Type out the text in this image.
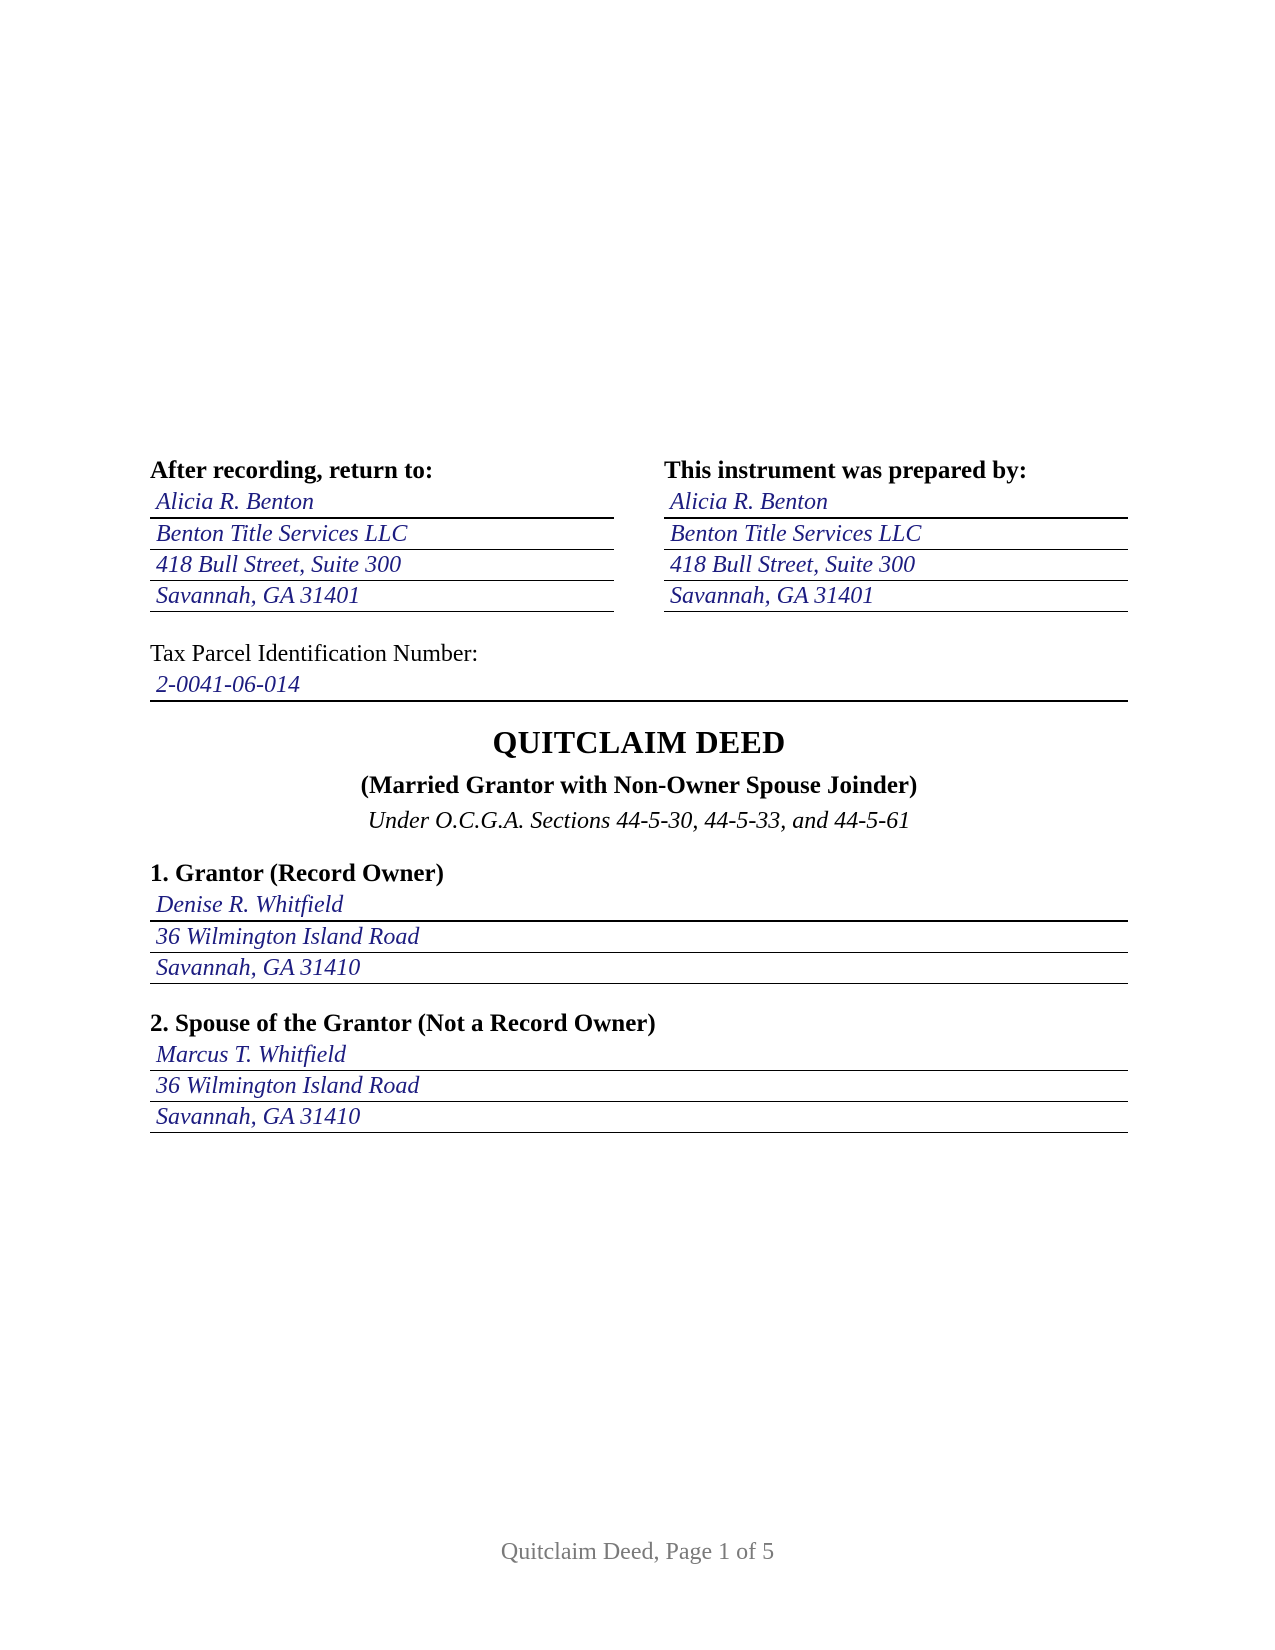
After recording, return to:
Alicia R. Benton
Benton Title Services LLC
418 Bull Street, Suite 300
Savannah, GA 31401
This instrument was prepared by:
Alicia R. Benton
Benton Title Services LLC
418 Bull Street, Suite 300
Savannah, GA 31401
Tax Parcel Identification Number:
2-0041-06-014
QUITCLAIM DEED
(Married Grantor with Non-Owner Spouse Joinder)
Under O.C.G.A. Sections 44-5-30, 44-5-33, and 44-5-61
1. Grantor (Record Owner)
Denise R. Whitfield
36 Wilmington Island Road
Savannah, GA 31410
2. Spouse of the Grantor (Not a Record Owner)
Marcus T. Whitfield
36 Wilmington Island Road
Savannah, GA 31410
Quitclaim Deed, Page 1 of 5
